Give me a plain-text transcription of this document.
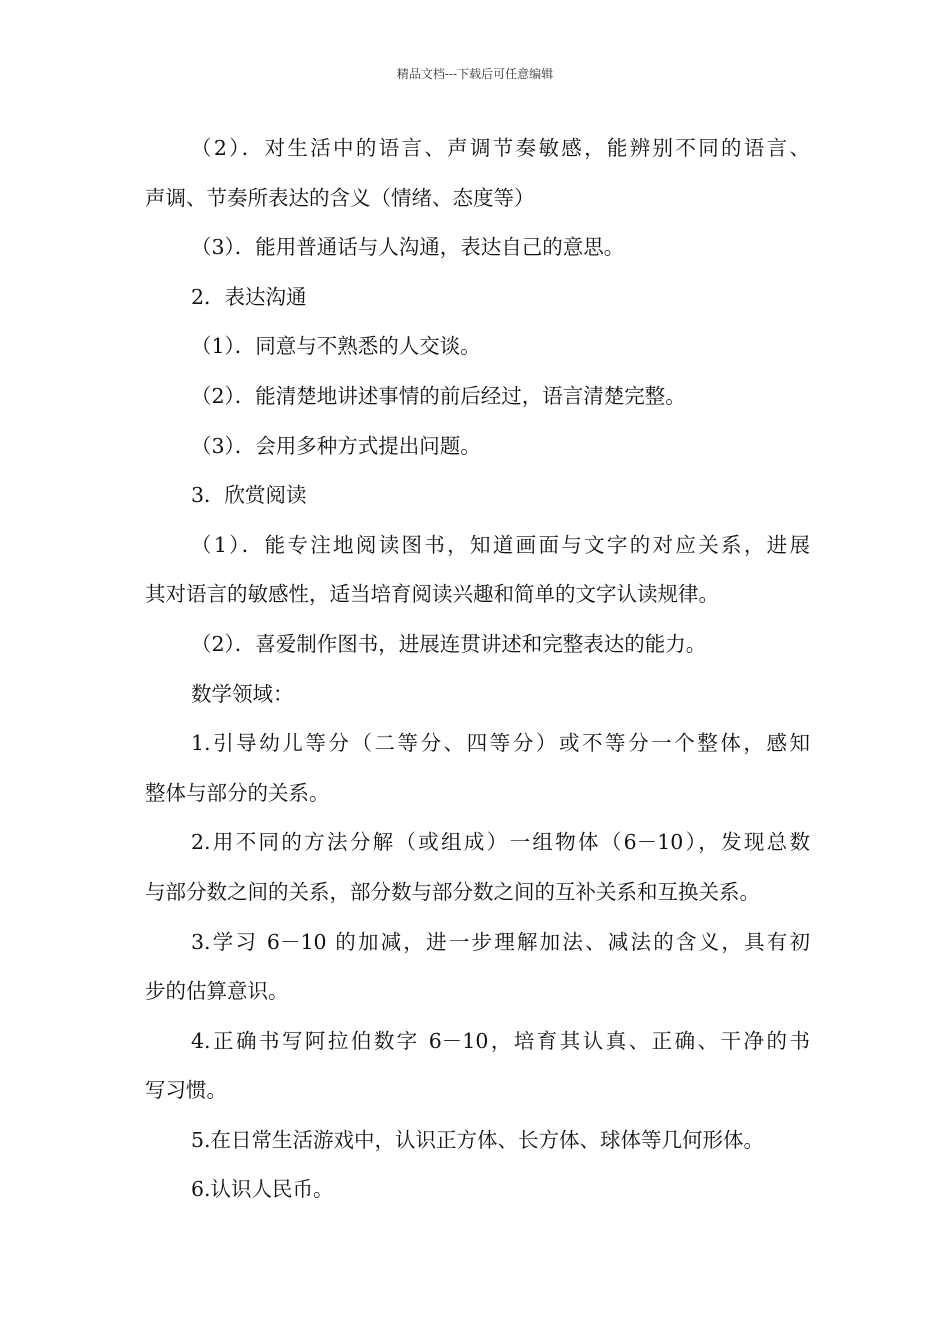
精品文档---下载后可任意编辑
（2）．对生活中的语言、声调节奏敏感，能辨别不同的语言、
声调、节奏所表达的含义（情绪、态度等）
（3）．能用普通话与人沟通，表达自己的意思。
2．表达沟通
（1）．同意与不熟悉的人交谈。
（2）．能清楚地讲述事情的前后经过，语言清楚完整。
（3）．会用多种方式提出问题。
3．欣赏阅读
（1）．能专注地阅读图书，知道画面与文字的对应关系，进展
其对语言的敏感性，适当培育阅读兴趣和简单的文字认读规律。
（2）．喜爱制作图书，进展连贯讲述和完整表达的能力。
数学领域：
1.引导幼儿等分（二等分、四等分）或不等分一个整体，感知
整体与部分的关系。
2.用不同的方法分解（或组成）一组物体（6－10），发现总数
与部分数之间的关系，部分数与部分数之间的互补关系和互换关系。
3.学习 6－10 的加减，进一步理解加法、减法的含义，具有初
步的估算意识。
4.正确书写阿拉伯数字 6－10，培育其认真、正确、干净的书
写习惯。
5.在日常生活游戏中，认识正方体、长方体、球体等几何形体。
6.认识人民币。
